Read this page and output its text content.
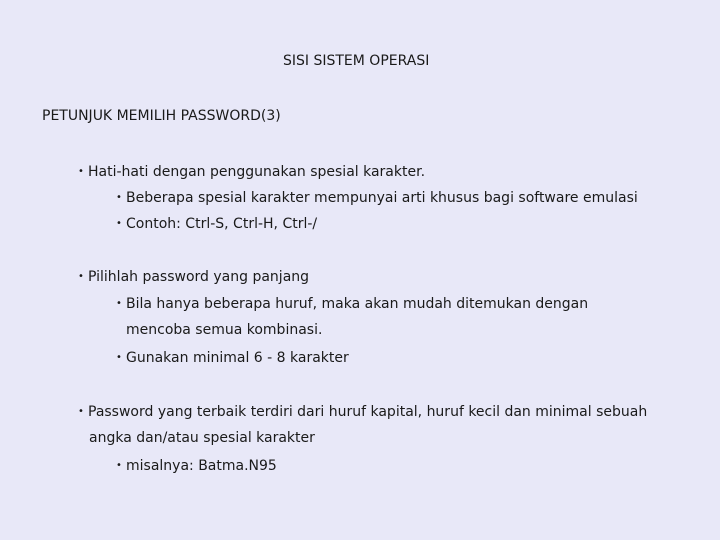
SISI SISTEM OPERASI
PETUNJUK MEMILIH PASSWORD(3)
• Hati-hati dengan penggunakan spesial karakter.
• Beberapa spesial karakter mempunyai arti khusus bagi software emulasi
• Contoh: Ctrl-S, Ctrl-H, Ctrl-/
• Pilihlah password yang panjang
• Bila hanya beberapa huruf, maka akan mudah ditemukan dengan
mencoba semua kombinasi.
• Gunakan minimal 6 - 8 karakter
• Password yang terbaik terdiri dari huruf kapital, huruf kecil dan minimal sebuah
angka dan/atau spesial karakter
• misalnya: Batma.N95
